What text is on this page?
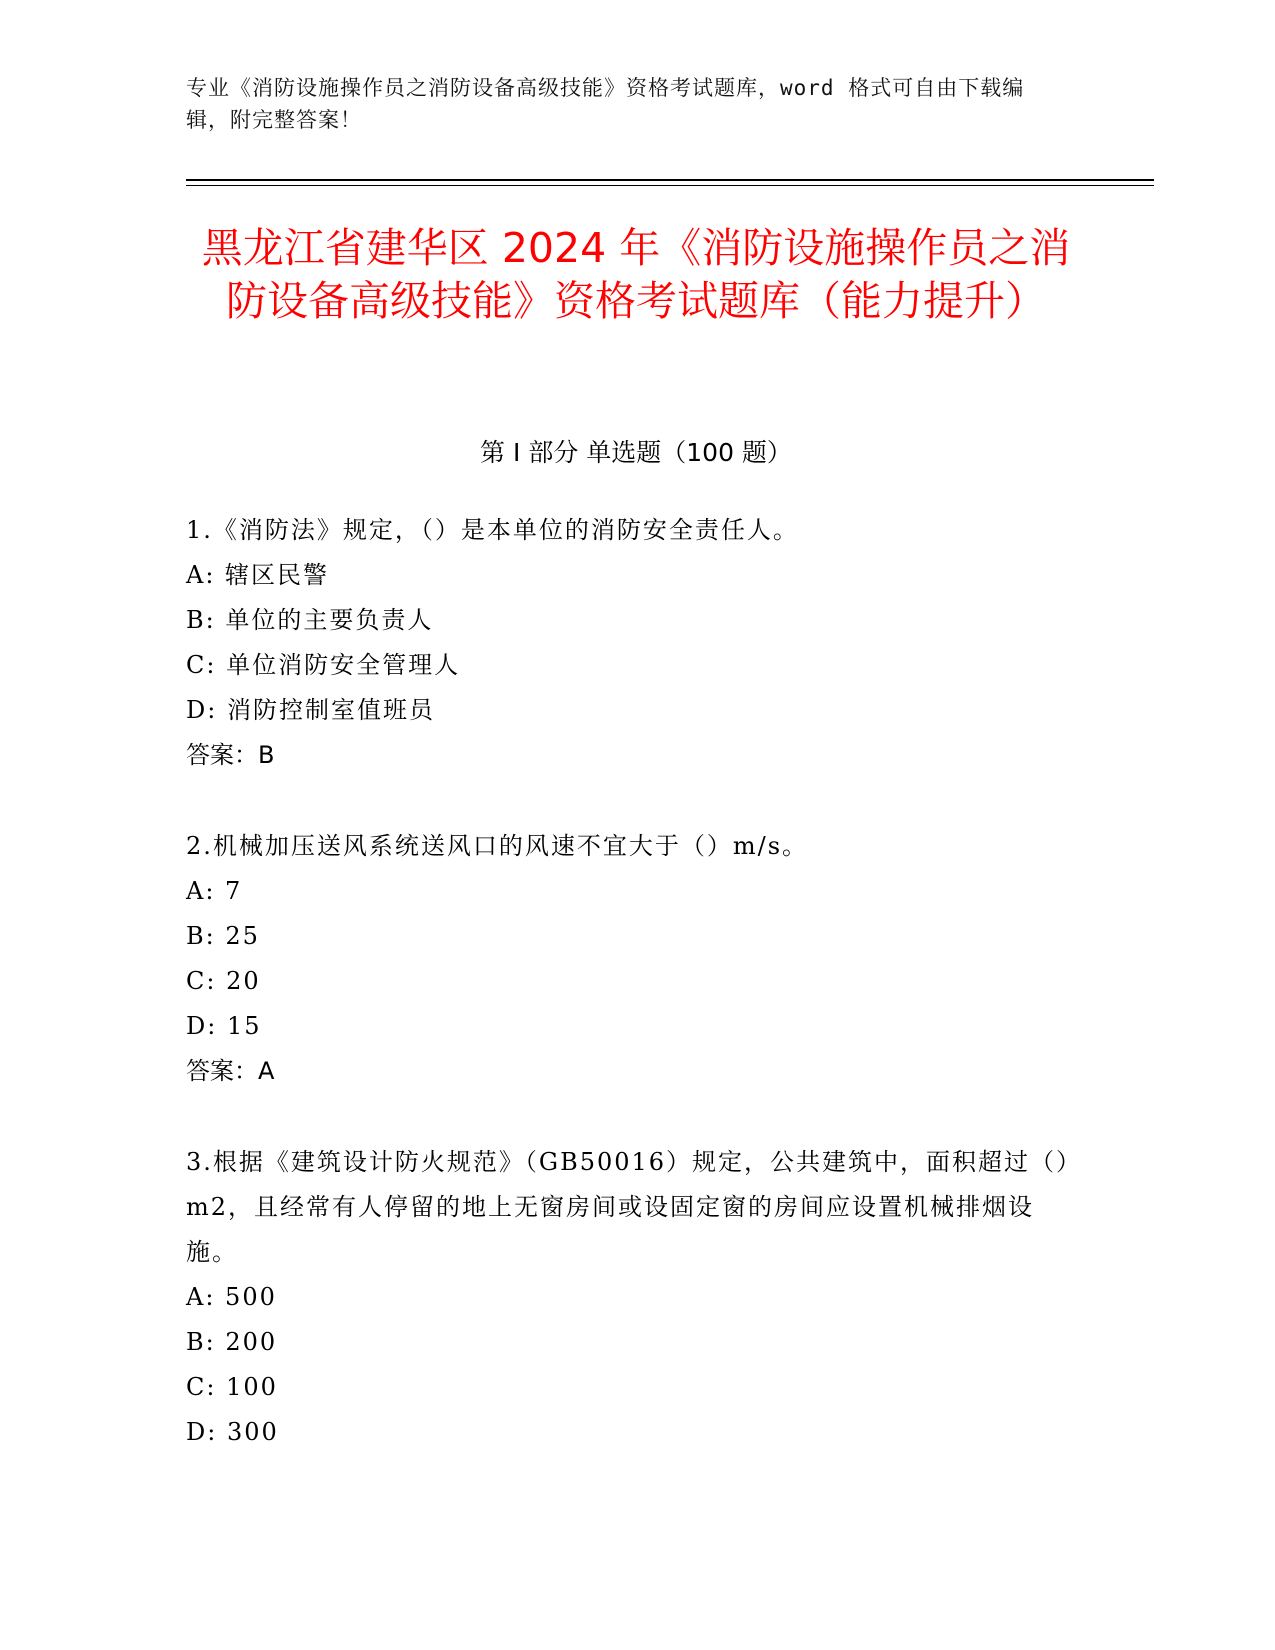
专业《消防设施操作员之消防设备高级技能》资格考试题库，word 格式可自由下载编辑，附完整答案！
黑龙江省建华区 2024 年《消防设施操作员之消防设备高级技能》资格考试题库（能力提升）
第 I 部分 单选题（100 题）
1.《消防法》规定，（）是本单位的消防安全责任人。
A: 辖区民警
B: 单位的主要负责人
C: 单位消防安全管理人
D: 消防控制室值班员
答案：B
2.机械加压送风系统送风口的风速不宜大于（）m/s。
A: 7
B: 25
C: 20
D: 15
答案：A
3.根据《建筑设计防火规范》（GB50016）规定，公共建筑中，面积超过（）m2，且经常有人停留的地上无窗房间或设固定窗的房间应设置机械排烟设施。
A: 500
B: 200
C: 100
D: 300
